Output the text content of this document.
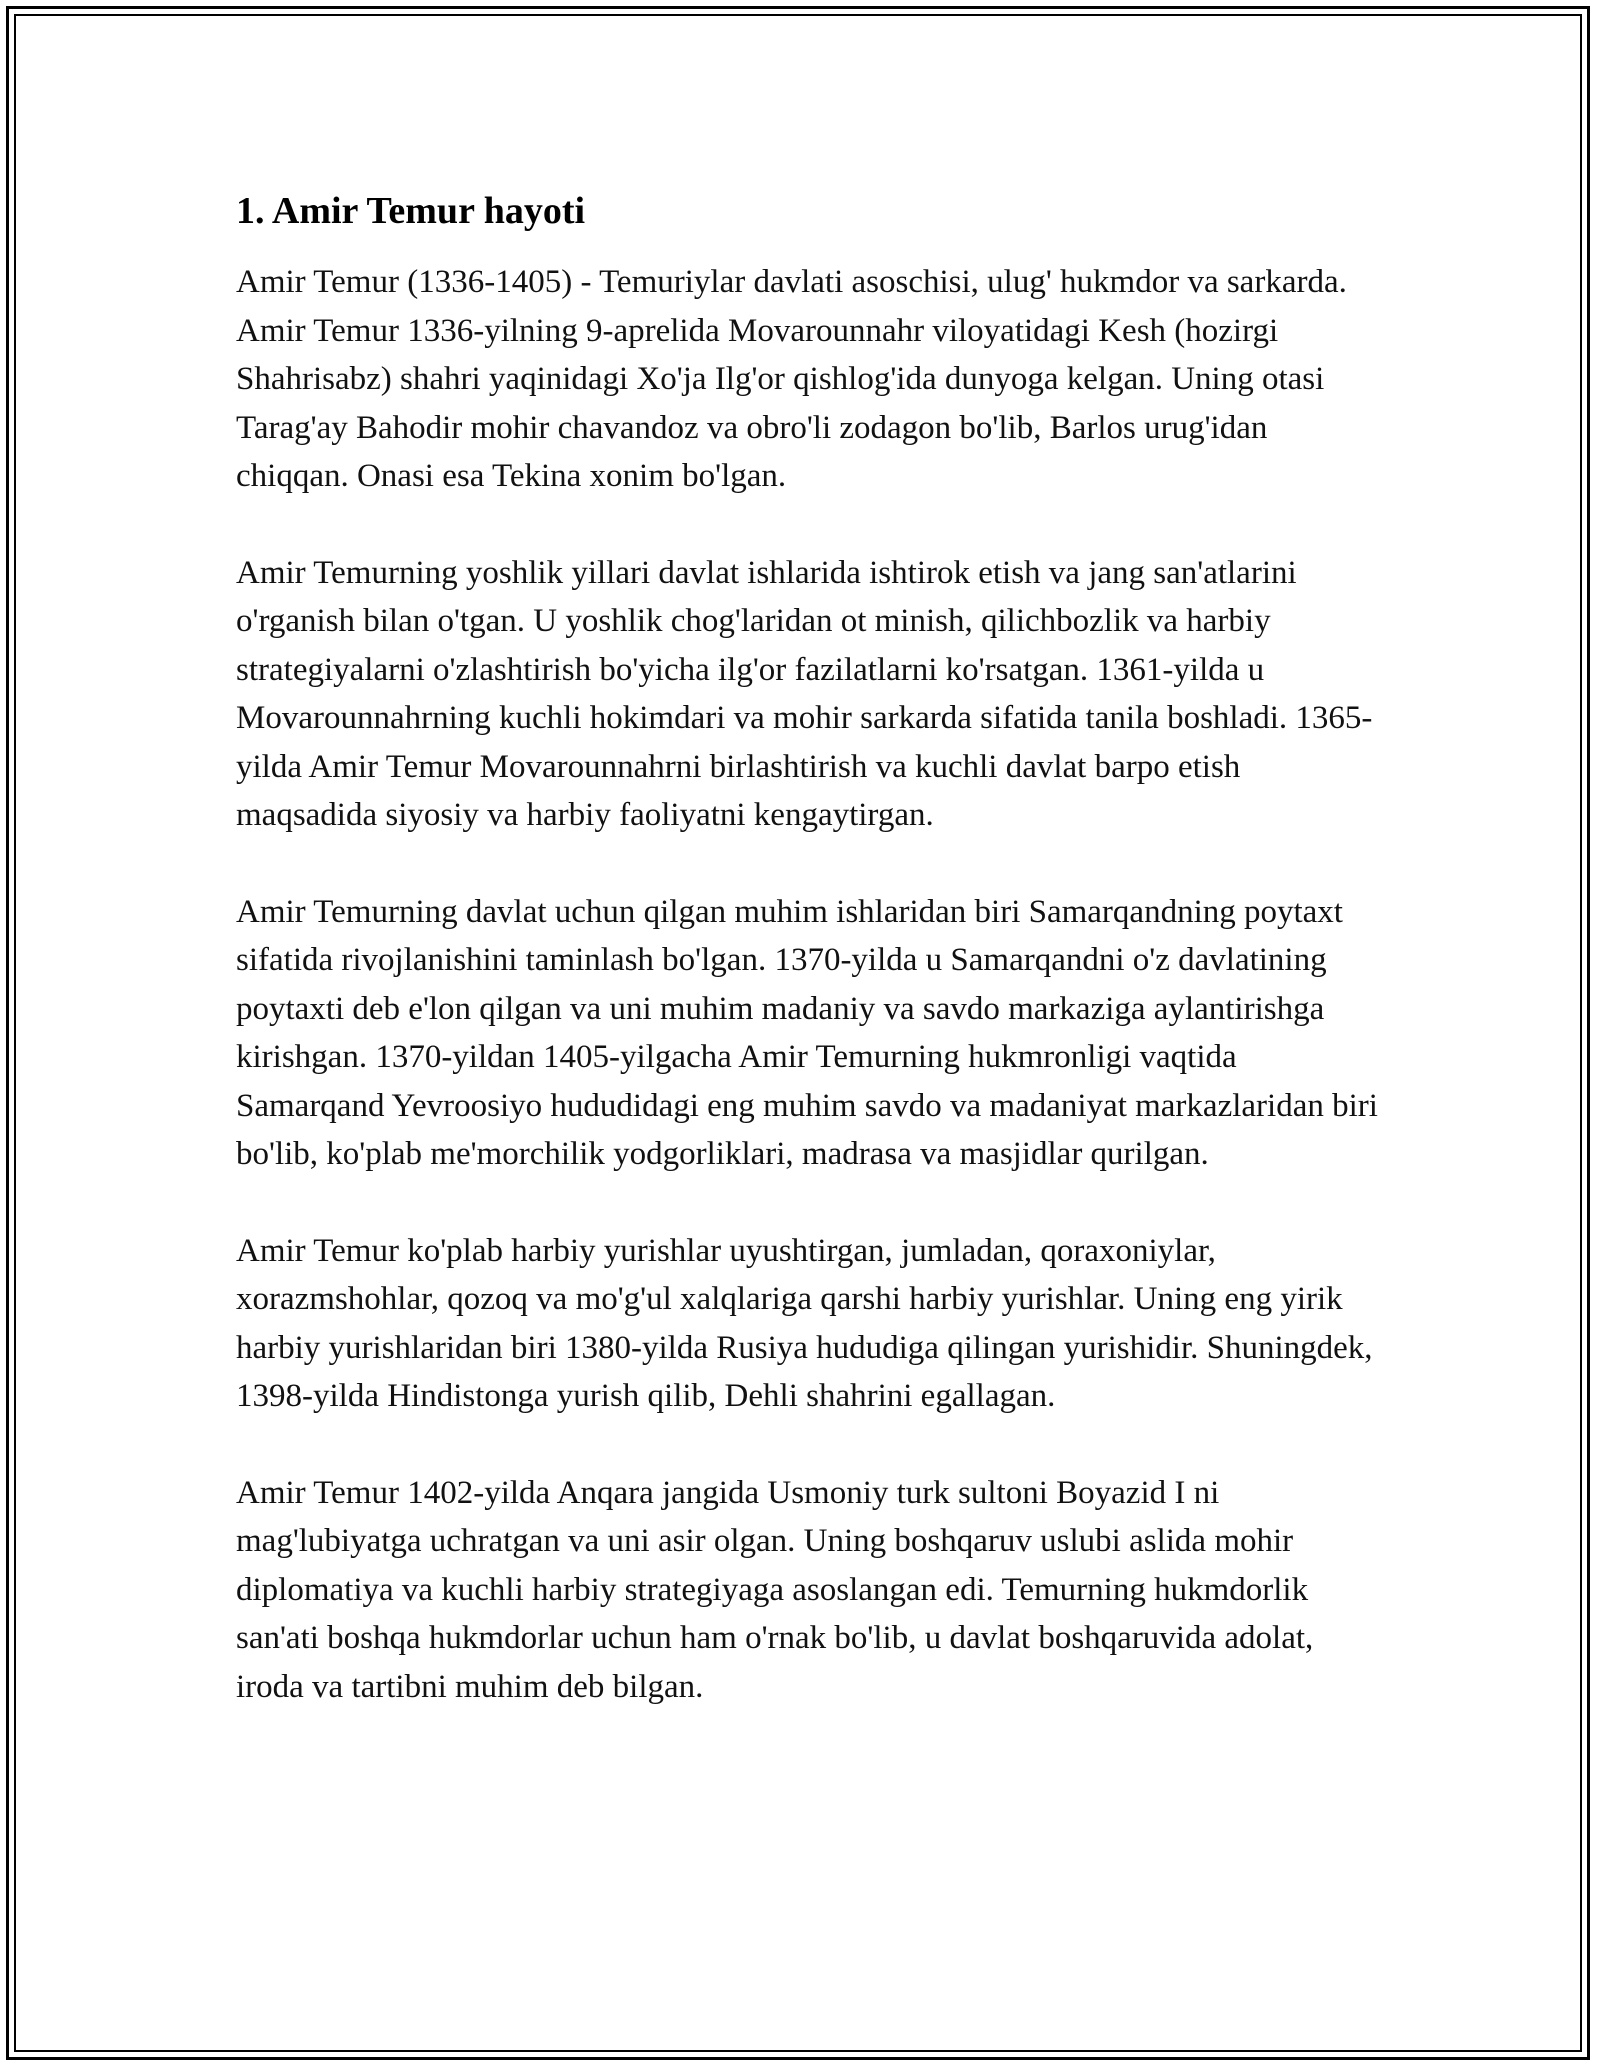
1. Amir Temur hayoti

Amir Temur (1336-1405) - Temuriylar davlati asoschisi, ulug' hukmdor va sarkarda. Amir Temur 1336-yilning 9-aprelida Movarounnahr viloyatidagi Kesh (hozirgi Shahrisabz) shahri yaqinidagi Xo'ja Ilg'or qishlog'ida dunyoga kelgan. Uning otasi Tarag'ay Bahodir mohir chavandoz va obro'li zodagon bo'lib, Barlos urug'idan chiqqan. Onasi esa Tekina xonim bo'lgan.

Amir Temurning yoshlik yillari davlat ishlarida ishtirok etish va jang san'atlarini o'rganish bilan o'tgan. U yoshlik chog'laridan ot minish, qilichbozlik va harbiy strategiyalarni o'zlashtirish bo'yicha ilg'or fazilatlarni ko'rsatgan. 1361-yilda u Movarounnahrning kuchli hokimdari va mohir sarkarda sifatida tanila boshladi. 1365-yilda Amir Temur Movarounnahrni birlashtirish va kuchli davlat barpo etish maqsadida siyosiy va harbiy faoliyatni kengaytirgan.

Amir Temurning davlat uchun qilgan muhim ishlaridan biri Samarqandning poytaxt sifatida rivojlanishini taminlash bo'lgan. 1370-yilda u Samarqandni o'z davlatining poytaxti deb e'lon qilgan va uni muhim madaniy va savdo markaziga aylantirishga kirishgan. 1370-yildan 1405-yilgacha Amir Temurning hukmronligi vaqtida Samarqand Yevroosiyo hududidagi eng muhim savdo va madaniyat markazlaridan biri bo'lib, ko'plab me'morchilik yodgorliklari, madrasa va masjidlar qurilgan.

Amir Temur ko'plab harbiy yurishlar uyushtirgan, jumladan, qoraxoniylar, xorazmshohlar, qozoq va mo'g'ul xalqlariga qarshi harbiy yurishlar. Uning eng yirik harbiy yurishlaridan biri 1380-yilda Rusiya hududiga qilingan yurishidir. Shuningdek, 1398-yilda Hindistonga yurish qilib, Dehli shahrini egallagan.

Amir Temur 1402-yilda Anqara jangida Usmoniy turk sultoni Boyazid I ni mag'lubiyatga uchratgan va uni asir olgan. Uning boshqaruv uslubi aslida mohir diplomatiya va kuchli harbiy strategiyaga asoslangan edi. Temurning hukmdorlik san'ati boshqa hukmdorlar uchun ham o'rnak bo'lib, u davlat boshqaruvida adolat, iroda va tartibni muhim deb bilgan.
